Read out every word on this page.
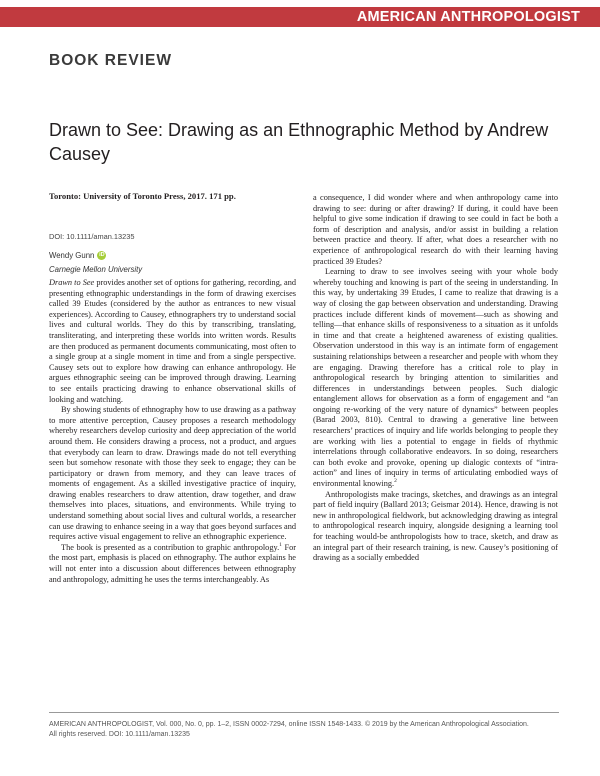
AMERICAN ANTHROPOLOGIST
BOOK REVIEW
Drawn to See: Drawing as an Ethnographic Method by Andrew Causey
Toronto: University of Toronto Press, 2017. 171 pp.
DOI: 10.1111/aman.13235
Wendy Gunn iD
Carnegie Mellon University

Drawn to See provides another set of options for gathering, recording, and presenting ethnographic understandings in the form of drawing exercises called 39 Etudes (considered by the author as entrances to new visual experiences). According to Causey, ethnographers try to understand social lives and cultural worlds. They do this by transcribing, translating, transliterating, and interpreting these worlds into written words. Results are then produced as permanent documents communicating, most often to a single group at a single moment in time and from a single perspective. Causey sets out to explore how drawing can enhance anthropology. He argues ethnographic seeing can be improved through drawing. Learning to see entails practicing drawing to enhance observational skills of looking and watching.

By showing students of ethnography how to use drawing as a pathway to more attentive perception, Causey proposes a research methodology whereby researchers develop curiosity and deep appreciation of the world around them. He considers drawing a process, not a product, and argues that everybody can learn to draw. Drawings made do not tell everything seen but somehow resonate with those they seek to engage; they can be participatory or drawn from memory, and they can leave traces of moments of engagement. As a skilled investigative practice of inquiry, drawing enables researchers to draw attention, draw together, and draw themselves into places, situations, and environments. While trying to understand something about social lives and cultural worlds, a researcher can use drawing to enhance seeing in a way that goes beyond surfaces and requires active visual engagement to relive an ethnographic experience.

The book is presented as a contribution to graphic anthropology.$^1$ For the most part, emphasis is placed on ethnography. The author explains he will not enter into a discussion about differences between ethnography and anthropology, admitting he uses the terms interchangeably. As

a consequence, I did wonder where and when anthropology came into drawing to see: during or after drawing? If during, it could have been helpful to give some indication if drawing to see could in fact be both a form of description and analysis, and/or assist in building a relation between practice and theory. If after, what does a researcher with no experience of anthropological research do with their learning having practiced 39 Etudes?

Learning to draw to see involves seeing with your whole body whereby touching and knowing is part of the seeing in understanding. In this way, by undertaking 39 Etudes, I came to realize that drawing is a way of closing the gap between observation and understanding. Drawing practices include different kinds of movement—such as showing and telling—that enhance skills of responsiveness to a situation as it unfolds in time and that create a heightened awareness of existing qualities. Observation understood in this way is an intimate form of engagement sustaining relationships between a researcher and people with whom they are engaging. Drawing therefore has a critical role to play in anthropological research by bringing attention to similarities and differences in understandings between peoples. Such dialogic entanglement allows for observation as a form of engagement and “an ongoing re-working of the very nature of dynamics” between peoples (Barad 2003, 810). Central to drawing a generative line between researchers’ practices of inquiry and life worlds belonging to people they are working with lies a potential to engage in fields of rhythmic interrelations through collaborative endeavors. In so doing, researchers can both evoke and provoke, opening up dialogic contexts of “intra-action” and lines of inquiry in terms of articulating embodied ways of environmental knowing.$^2$

Anthropologists make tracings, sketches, and drawings as an integral part of field inquiry (Ballard 2013; Geismar 2014). Hence, drawing is not new in anthropological fieldwork, but acknowledging drawing as integral to anthropological research inquiry, alongside designing a learning tool for teaching would-be anthropologists how to trace, sketch, and draw as an integral part of their research training, is new. Causey’s positioning of drawing as a socially embedded

AMERICAN ANTHROPOLOGIST, Vol. 000, No. 0, pp. 1–2, ISSN 0002-7294, online ISSN 1548-1433. © 2019 by the American Anthropological Association.
All rights reserved. DOI: 10.1111/aman.13235
